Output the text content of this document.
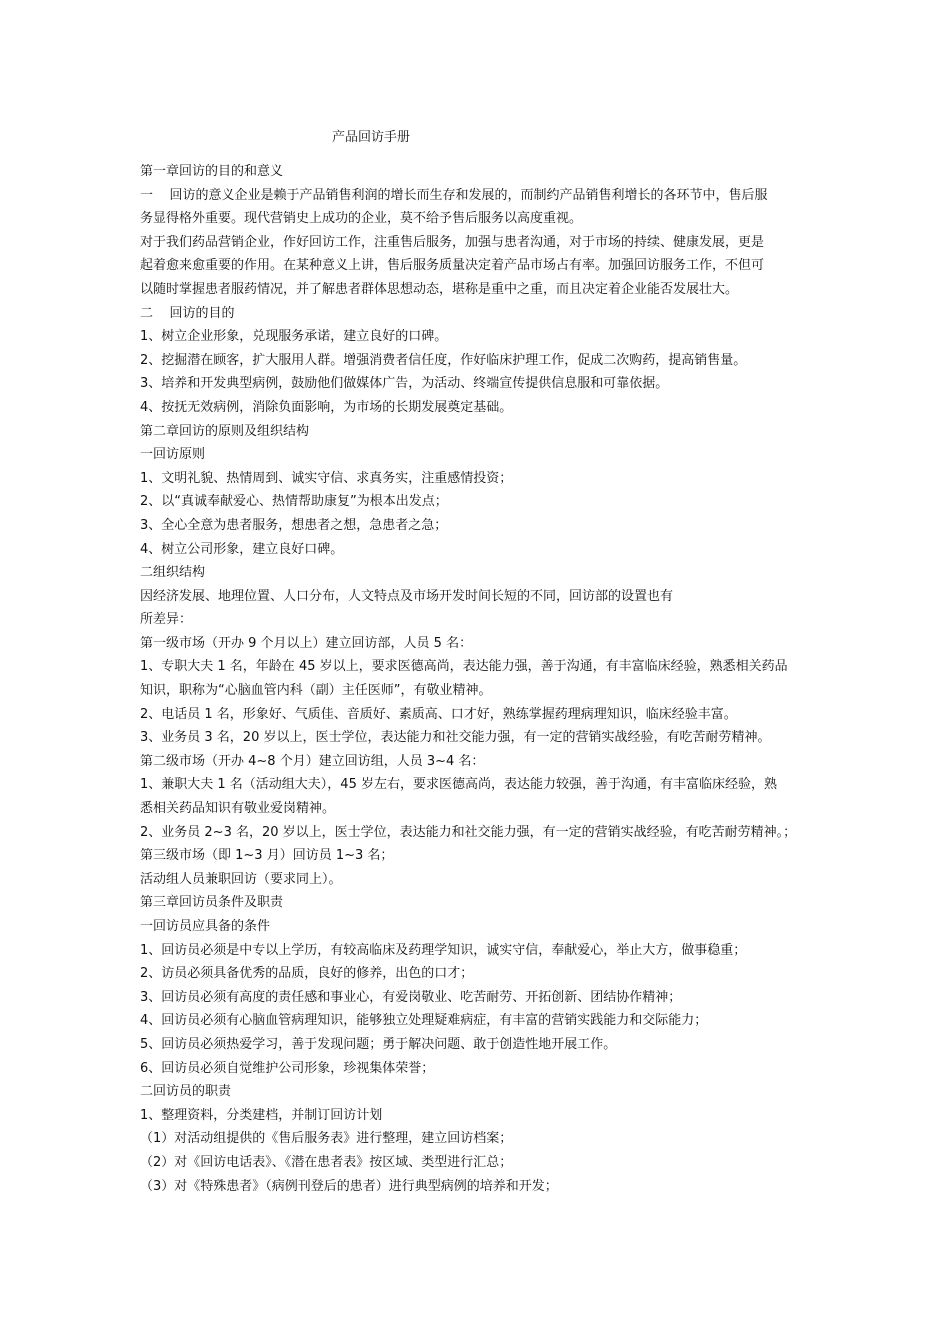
产品回访手册

第一章回访的目的和意义

一    回访的意义企业是赖于产品销售利润的增长而生存和发展的，而制约产品销售利增长的各环节中，售后服

务显得格外重要。现代营销史上成功的企业，莫不给予售后服务以高度重视。

对于我们药品营销企业，作好回访工作，注重售后服务，加强与患者沟通，对于市场的持续、健康发展，更是

起着愈来愈重要的作用。在某种意义上讲，售后服务质量决定着产品市场占有率。加强回访服务工作，不但可

以随时掌握患者服药情况，并了解患者群体思想动态，堪称是重中之重，而且决定着企业能否发展壮大。

二    回访的目的

1、树立企业形象，兑现服务承诺，建立良好的口碑。

2、挖掘潜在顾客，扩大服用人群。增强消费者信任度，作好临床护理工作，促成二次购药，提高销售量。

3、培养和开发典型病例，鼓励他们做媒体广告，为活动、终端宣传提供信息服和可靠依据。

4、按抚无效病例，消除负面影响，为市场的长期发展奠定基础。

第二章回访的原则及组织结构

一回访原则

1、文明礼貌、热情周到、诚实守信、求真务实，注重感情投资；

2、以“真诚奉献爱心、热情帮助康复”为根本出发点；

3、全心全意为患者服务，想患者之想，急患者之急；

4、树立公司形象，建立良好口碑。

二组织结构

因经济发展、地理位置、人口分布，人文特点及市场开发时间长短的不同，回访部的设置也有

所差异：

第一级市场（开办 9 个月以上）建立回访部，人员 5 名：

1、专职大夫 1 名，年龄在 45 岁以上，要求医德高尚，表达能力强，善于沟通，有丰富临床经验，熟悉相关药品

知识，职称为“心脑血管内科（副）主任医师”，有敬业精神。

2、电话员 1 名，形象好、气质佳、音质好、素质高、口才好，熟练掌握药理病理知识，临床经验丰富。

3、业务员 3 名，20 岁以上，医士学位，表达能力和社交能力强，有一定的营销实战经验，有吃苦耐劳精神。

第二级市场（开办 4~8 个月）建立回访组，人员 3~4 名：

1、兼职大夫 1 名（活动组大夫），45 岁左右，要求医德高尚，表达能力较强，善于沟通，有丰富临床经验，熟

悉相关药品知识有敬业爱岗精神。

2、业务员 2~3 名，20 岁以上，医士学位，表达能力和社交能力强，有一定的营销实战经验，有吃苦耐劳精神。；

第三级市场（即 1~3 月）回访员 1~3 名；

活动组人员兼职回访（要求同上）。

第三章回访员条件及职责

一回访员应具备的条件

1、回访员必须是中专以上学历，有较高临床及药理学知识，诚实守信，奉献爱心，举止大方，做事稳重；

2、访员必须具备优秀的品质，良好的修养，出色的口才；

3、回访员必须有高度的责任感和事业心，有爱岗敬业、吃苦耐劳、开拓创新、团结协作精神；

4、回访员必须有心脑血管病理知识，能够独立处理疑难病症，有丰富的营销实践能力和交际能力；

5、回访员必须热爱学习，善于发现问题；勇于解决问题、敢于创造性地开展工作。

6、回访员必须自觉维护公司形象，珍视集体荣誉；

二回访员的职责

1、整理资料，分类建档，并制订回访计划

（1）对活动组提供的《售后服务表》进行整理，建立回访档案；

（2）对《回访电话表》、《潜在患者表》按区域、类型进行汇总；

（3）对《特殊患者》（病例刊登后的患者）进行典型病例的培养和开发；
